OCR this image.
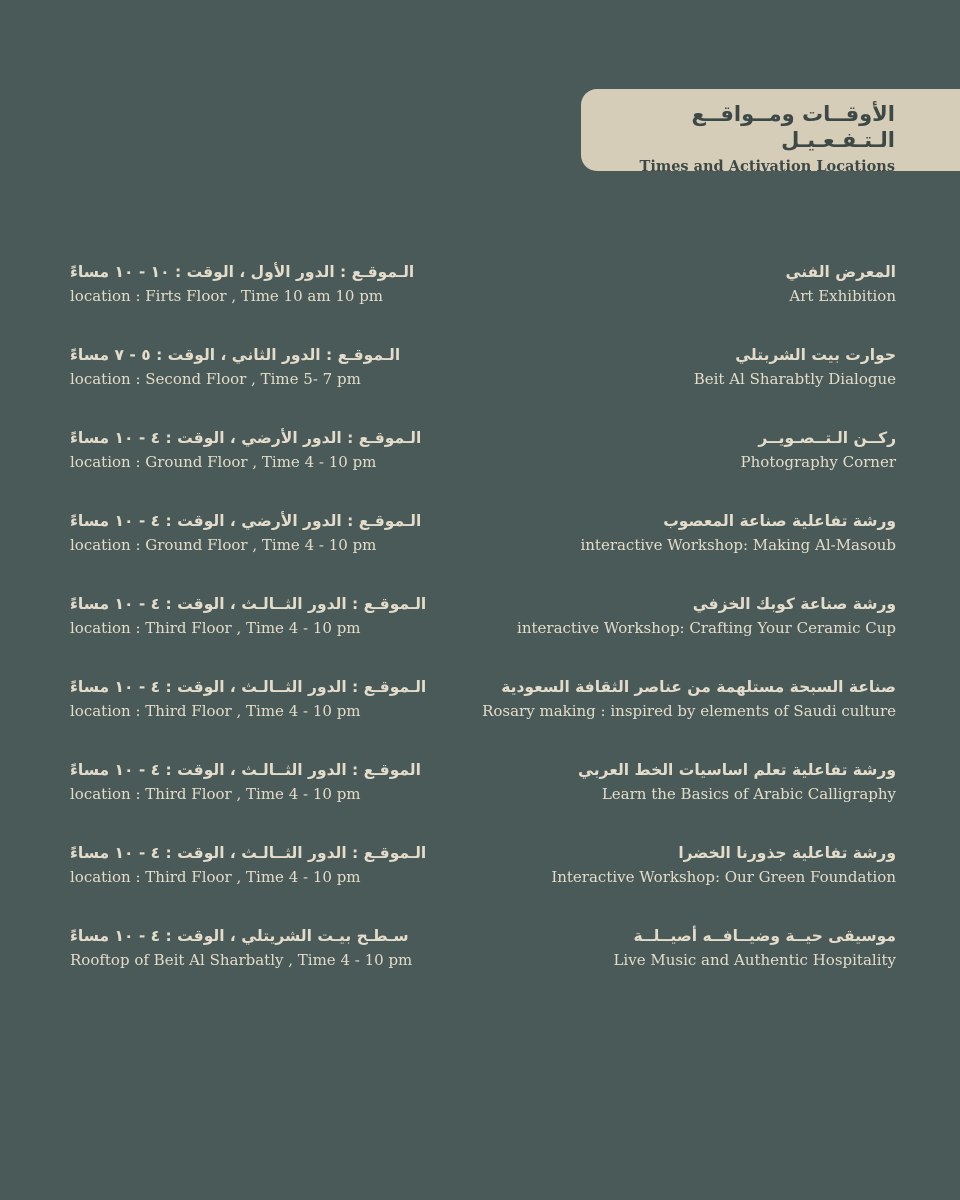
الأوقــات ومــواقــع الـتـفـعـيـل
Times and Activation Locations
الـموقـع : الدور الأول ، الوقت : ١٠ - ١٠ مساءً
location : Firts Floor , Time 10 am 10 pm
المعرض الفني
Art Exhibition
الـموقـع : الدور الثاني ، الوقت : ٥ - ٧ مساءً
location : Second Floor , Time 5- 7 pm
حوارت بيت الشربتلي
Beit Al Sharabtly Dialogue
الـموقـع : الدور الأرضي ، الوقت : ٤ - ١٠ مساءً
location : Ground Floor , Time 4 - 10 pm
ركــن الـتــصـويــر
Photography Corner
الـموقـع : الدور الأرضي ، الوقت : ٤ - ١٠ مساءً
location : Ground Floor , Time 4 - 10 pm
ورشة تفاعلية صناعة المعصوب
interactive Workshop: Making Al-Masoub
الـموقـع : الدور الثــالـث ، الوقت : ٤ - ١٠ مساءً
location : Third Floor , Time 4 - 10 pm
ورشة صناعة كوبك الخزفي
interactive Workshop: Crafting Your Ceramic Cup
الـموقـع : الدور الثــالـث ، الوقت : ٤ - ١٠ مساءً
location : Third Floor , Time 4 - 10 pm
صناعة السبحة مستلهمة من عناصر الثقافة السعودية
Rosary making : inspired by elements of Saudi culture
الموقـع : الدور الثــالـث ، الوقت : ٤ - ١٠ مساءً
location : Third Floor , Time 4 - 10 pm
ورشة تفاعلية تعلم اساسيات الخط العربي
Learn the Basics of Arabic Calligraphy
الـموقـع : الدور الثــالـث ، الوقت : ٤ - ١٠ مساءً
location : Third Floor , Time 4 - 10 pm
ورشة تفاعلية جذورنا الخضرا
Interactive Workshop: Our Green Foundation
سـطـح بيـت الشريتلي ، الوقت : ٤ - ١٠ مساءً
Rooftop of Beit Al Sharbatly , Time 4 - 10 pm
موسيقى حيــة وضيــافــه أصيــلــة
Live Music and Authentic Hospitality
